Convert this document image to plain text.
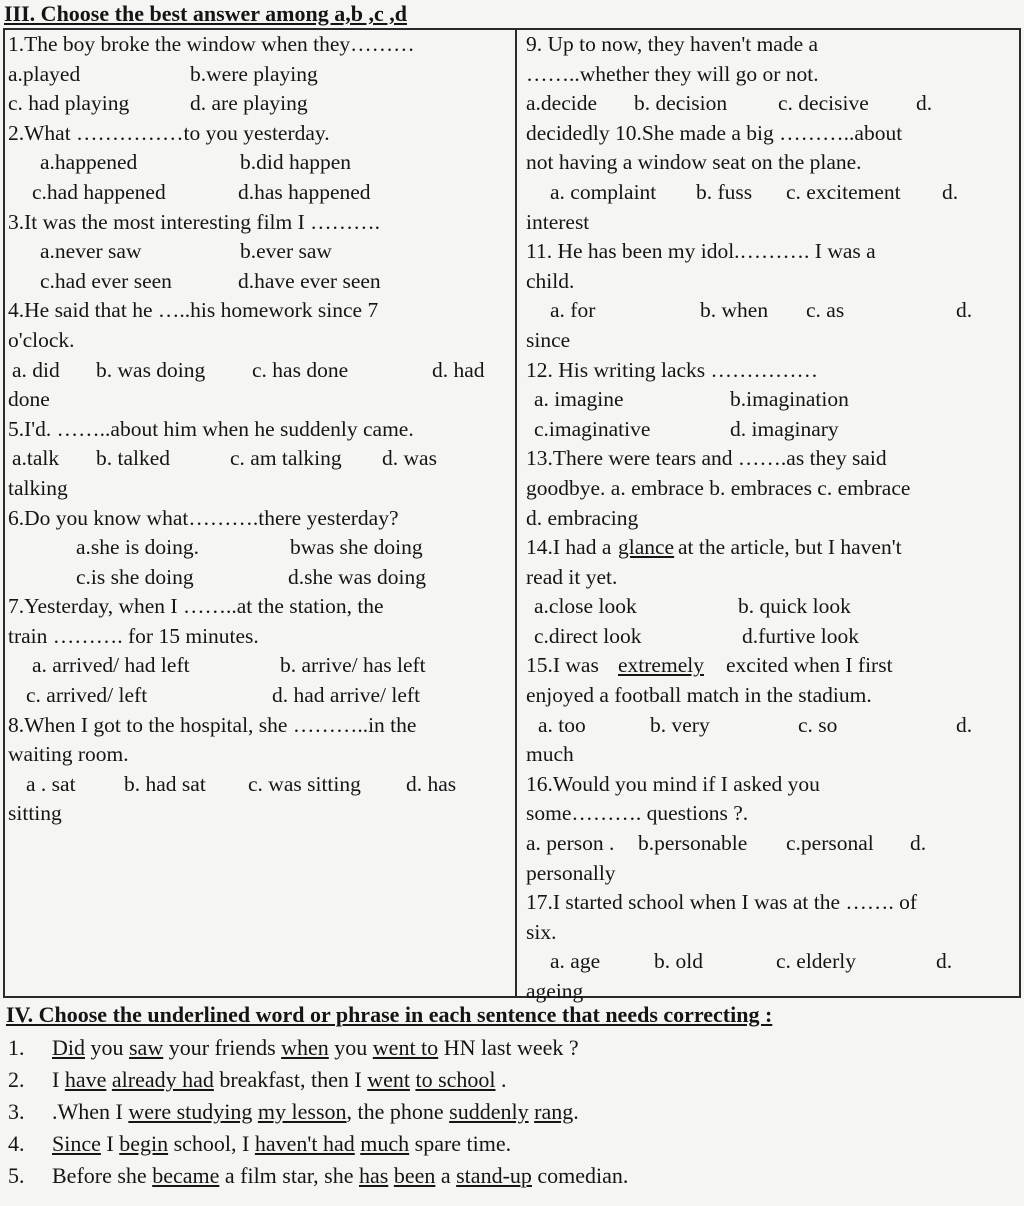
III. Choose the best answer among a,b ,c ,d
1.The boy broke the window when they………
a.played	b.were playing
c. had playing	d. are playing
2.What ……………to you yesterday.
a.happened	b.did happen
c.had happened	d.has happened
3.It was the most interesting film I ……….
a.never saw	b.ever saw
c.had ever seen	d.have ever seen
4.He said that he …..his homework since 7
o'clock.
a. did b. was doing c. has done	d. had
done
5.I'd. ……..about him when he suddenly came.
a.talk b. talked	c. am talking d. was
talking
6.Do you know what……….there yesterday?
a.she is doing.	bwas she doing
c.is she doing	d.she was doing
7.Yesterday, when I ……..at the station, the
train ………. for 15 minutes.
a. arrived/ had left	b. arrive/ has left
c. arrived/ left	d. had arrive/ left
8.When I got to the hospital, she ………..in the
waiting room.
a . sat b. had sat c. was sitting d. has
sitting
9. Up to now, they haven't made a
……..whether they will go or not.
a.decide b. decision c. decisive d.
decidedly 10.She made a big ………..about
not having a window seat on the plane.
a. complaint b. fuss c. excitement d.
interest
11. He has been my idol.………. I was a
child.
a. for	b. when c. as	d.
since
12. His writing lacks ……………
a. imagine	b.imagination
c.imaginative	d. imaginary
13.There were tears and …….as they said
goodbye. a. embrace b. embraces c. embrace
d. embracing
14.I had a glance at the article, but I haven't
read it yet.
a.close look	b. quick look
c.direct look	d.furtive look
15.I was extremely excited when I first
enjoyed a football match in the stadium.
a. too	b. very	c. so	d.
much
16.Would you mind if I asked you
some………. questions ?.
a. person . b.personable c.personal d.
personally
17.I started school when I was at the ……. of
six.
a. age	b. old	c. elderly	d.
ageing
IV. Choose the underlined word or phrase in each sentence that needs correcting :
1. Did you saw your friends when you went to HN last week ?
2. I have already had breakfast, then I went to school .
3. .When I were studying my lesson, the phone suddenly rang.
4. Since I begin school, I haven't had much spare time.
5. Before she became a film star, she has been a stand-up comedian.
